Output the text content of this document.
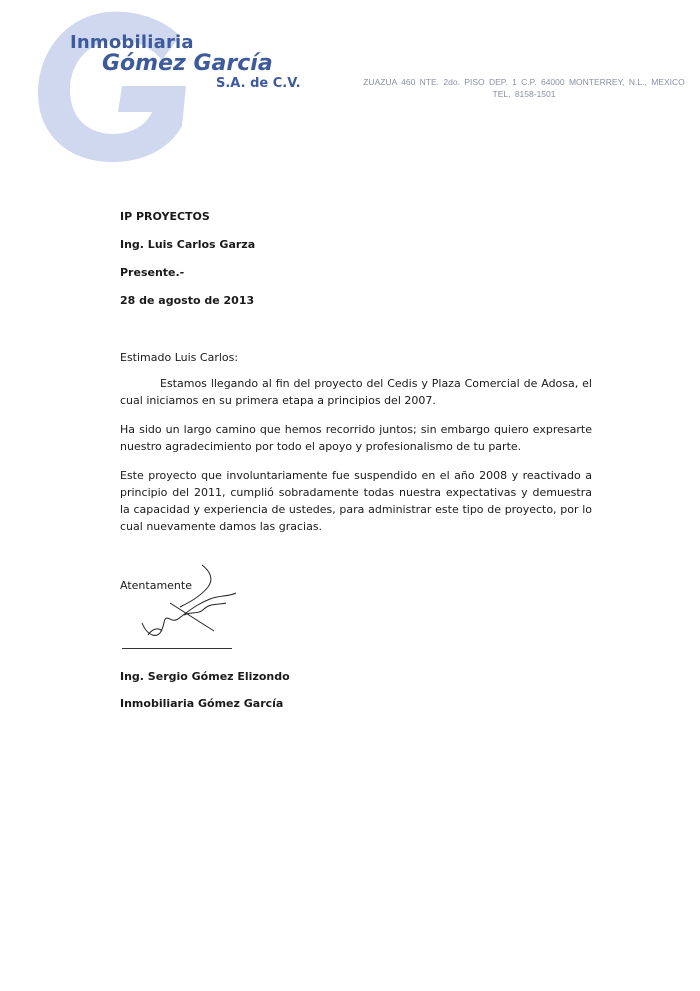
Inmobiliaria
Gómez García
S.A. de C.V.	ZUAZUA 460 NTE. 2do. PISO DEP. 1 C.P. 64000 MONTERREY, N.L., MEXICO
TEL. 8158-1501
IP PROYECTOS
Ing. Luis Carlos Garza
Presente.-
28 de agosto de 2013
Estimado Luis Carlos:

Estamos llegando al fin del proyecto del Cedis y Plaza Comercial de Adosa, el cual iniciamos en su primera etapa a principios del 2007.

Ha sido un largo camino que hemos recorrido juntos; sin embargo quiero expresarte nuestro agradecimiento por todo el apoyo y profesionalismo de tu parte.

Este proyecto que involuntariamente fue suspendido en el año 2008 y reactivado a principio del 2011, cumplió sobradamente todas nuestra expectativas y demuestra la capacidad y experiencia de ustedes, para administrar este tipo de proyecto, por lo cual nuevamente damos las gracias.

Atentamente
Ing. Sergio Gómez Elizondo
Inmobiliaria Gómez García
